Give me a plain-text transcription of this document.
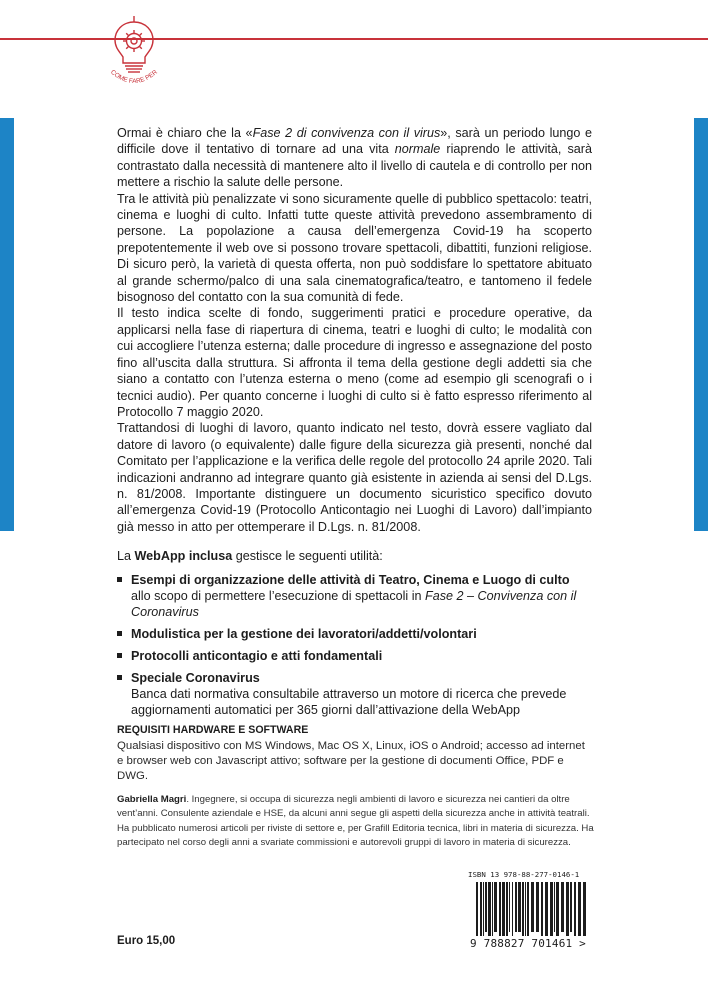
COME FARE PER

Ormai è chiaro che la «Fase 2 di convivenza con il virus», sarà un periodo lungo e difficile dove il tentativo di tornare ad una vita normale riaprendo le attività, sarà contrastato dalla necessità di mantenere alto il livello di cautela e di controllo per non mettere a rischio la salute delle persone.

Tra le attività più penalizzate vi sono sicuramente quelle di pubblico spettacolo: teatri, cinema e luoghi di culto. Infatti tutte queste attività prevedono assembramento di persone. La popolazione a causa dell’emergenza Covid-19 ha scoperto prepotentemente il web ove si possono trovare spettacoli, dibattiti, funzioni religiose. Di sicuro però, la varietà di questa offerta, non può soddisfare lo spettatore abituato al grande schermo/palco di una sala cinematografica/teatro, e tantomeno il fedele bisognoso del contatto con la sua comunità di fede.

Il testo indica scelte di fondo, suggerimenti pratici e procedure operative, da applicarsi nella fase di riapertura di cinema, teatri e luoghi di culto; le modalità con cui accogliere l’utenza esterna; dalle procedure di ingresso e assegnazione del posto fino all’uscita dalla struttura. Si affronta il tema della gestione degli addetti sia che siano a contatto con l’utenza esterna o meno (come ad esempio gli scenografi o i tecnici audio). Per quanto concerne i luoghi di culto si è fatto espresso riferimento al Protocollo 7 maggio 2020.

Trattandosi di luoghi di lavoro, quanto indicato nel testo, dovrà essere vagliato dal datore di lavoro (o equivalente) dalle figure della sicurezza già presenti, nonché dal Comitato per l’applicazione e la verifica delle regole del protocollo 24 aprile 2020. Tali indicazioni andranno ad integrare quanto già esistente in azienda ai sensi del D.Lgs. n. 81/2008. Importante distinguere un documento sicuristico specifico dovuto all’emergenza Covid-19 (Protocollo Anticontagio nei Luoghi di Lavoro) dall’impianto già messo in atto per ottemperare il D.Lgs. n. 81/2008.

La WebApp inclusa gestisce le seguenti utilità:

Esempi di organizzazione delle attività di Teatro, Cinema e Luogo di culto allo scopo di permettere l’esecuzione di spettacoli in Fase 2 – Convivenza con il Coronavirus
Modulistica per la gestione dei lavoratori/addetti/volontari
Protocolli anticontagio e atti fondamentali
Speciale Coronavirus
Banca dati normativa consultabile attraverso un motore di ricerca che prevede aggiornamenti automatici per 365 giorni dall’attivazione della WebApp
REQUISITI HARDWARE E SOFTWARE
Qualsiasi dispositivo con MS Windows, Mac OS X, Linux, iOS o Android; accesso ad internet e browser web con Javascript attivo; software per la gestione di documenti Office, PDF e DWG.
Gabriella Magri. Ingegnere, si occupa di sicurezza negli ambienti di lavoro e sicurezza nei cantieri da oltre vent’anni. Consulente aziendale e HSE, da alcuni anni segue gli aspetti della sicurezza anche in attività teatrali. Ha pubblicato numerosi articoli per riviste di settore e, per Grafill Editoria tecnica, libri in materia di sicurezza. Ha partecipato nel corso degli anni a svariate commissioni e autorevoli gruppi di lavoro in materia di sicurezza.
Euro 15,00
ISBN 13 978-88-277-0146-1
9 788827 701461 >
